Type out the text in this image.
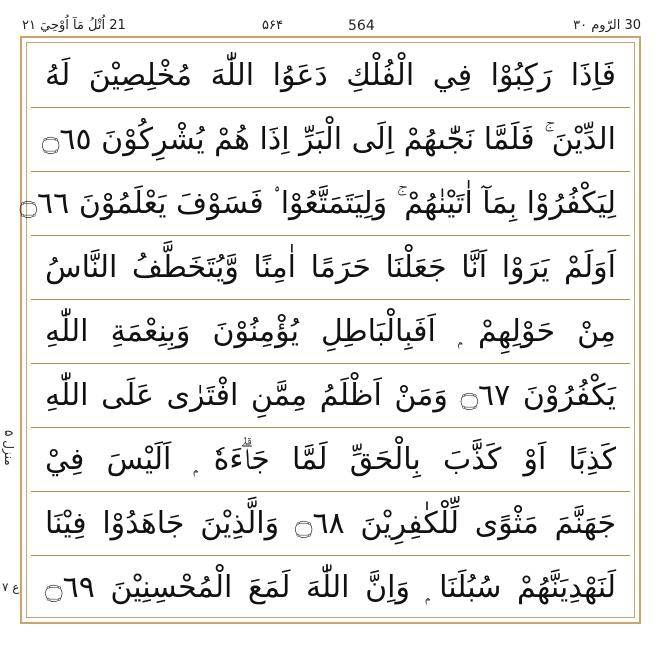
21 اُتْلُ مَآ اُوْحِيَ ۲۱	۵۶۴	564	30 الرّوم ۳۰
فَاِذَا رَكِبُوْا فِي الْفُلْكِ دَعَوُا اللّٰهَ مُخْلِصِيْنَ لَهُ
الدِّيْنَ ۚ فَلَمَّا نَجّٰىهُمْ اِلَى الْبَرِّ اِذَا هُمْ يُشْرِكُوْنَ ۝٦٥
لِيَكْفُرُوْا بِمَآ اٰتَيْنٰهُمْ ۚ وَلِيَتَمَتَّعُوْا ۟ فَسَوْفَ يَعْلَمُوْنَ ۝٦٦
اَوَلَمْ يَرَوْا اَنَّا جَعَلْنَا حَرَمًا اٰمِنًا وَّيُتَخَطَّفُ النَّاسُ
مِنْ حَوْلِهِمْ ۭ اَفَبِالْبَاطِلِ يُؤْمِنُوْنَ وَبِنِعْمَةِ اللّٰهِ
يَكْفُرُوْنَ ۝٦٧ وَمَنْ اَظْلَمُ مِمَّنِ افْتَرٰى عَلَى اللّٰهِ
كَذِبًا اَوْ كَذَّبَ بِالْحَقِّ لَمَّا جَاۗءَهٗ ۭ اَلَيْسَ فِيْ
جَهَنَّمَ مَثْوًى لِّلْكٰفِرِيْنَ ۝٦٨ وَالَّذِيْنَ جَاهَدُوْا فِيْنَا
لَنَهْدِيَنَّهُمْ سُبُلَنَا ۭ وَاِنَّ اللّٰهَ لَمَعَ الْمُحْسِنِيْنَ ۝٦٩
منزل ۵
ع ۷
